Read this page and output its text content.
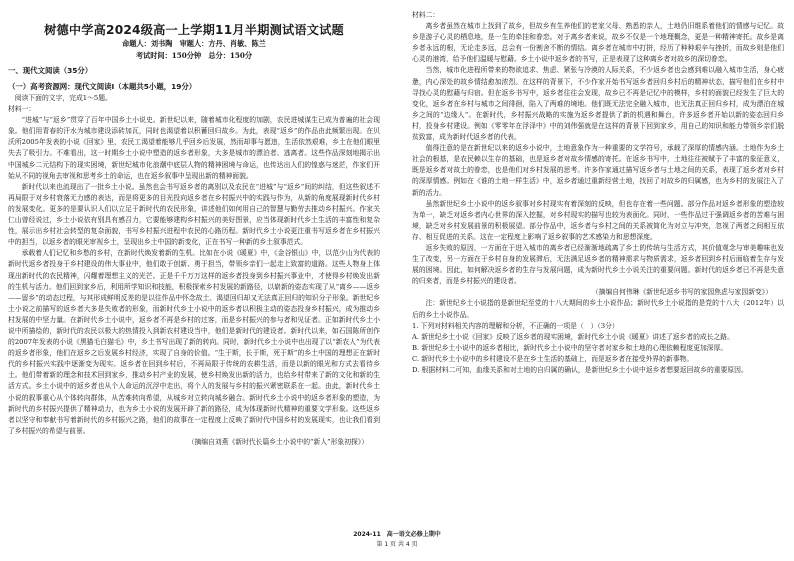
树德中学高2024级高一上学期11月半期测试语文试题
命题人：刘书陶　审题人：方丹、肖敏、陈兰
考试时间：150分钟　总分：150分
一、现代文阅读（35分）
（一）高考资源网：现代文阅读Ⅰ（本题共5小题，19分）

阅读下面的文字，完成1～5题。

材料一：

“进城”与“返乡”贯穿了百年中国乡土小说史。新世纪以来，随着城市化程度的加剧，农民进城谋生已成为普遍的社会现象。他们用青春的汗水为城市建设添砖加瓦，同时也渴望着以积蓄回归故乡。为此，表现“返乡”的作品由此频繁出现。在贝沃所2005年发表的小说《回家》里，农民工渴望着能够几乎回乡后发展，然而却事与愿违，生活依然艰难，乡土在他们眼里失去了吸引力。不难看出，这一时期乡土小说中塑造的返乡者形象，大多是城市的漂泊者、逃离者。这些作品深刻地揭示出中国城乡二元结构下的现实困境，新世纪城市化浪潮中底层人物的精神困境与命运，也传达出人们的惶惑与迷茫，作家们开始从不同的视角去审视和思考乡土的命运，也在返乡叙事中呈现出新的精神面貌。

新时代以来也流现出了一批乡土小说。虽然也会书写返乡者的离别以及农民在“进城”与“返乡”间的纠结，但这些叙述不再局限于对乡村衰落无力感的表达，而是将更多的目光投向返乡者在乡村振兴中的实践与作为，从新的角度展现新时代乡村的发展变化。更多的是要认识人们以立足于新时代的农民形象，讲述他们如何用自己的智慧与勤劳去推动乡村振兴。作家关仁山曾经说过，乡土小说依有别具有感召力，它要能够建构乡村振兴的美好图景，应当体现新时代乡土生活的丰富性和复杂性，展示出乡村社会转型的复杂面貌，书写乡村振兴进程中农民的心路历程。新时代乡土小说更注重书写返乡者在乡村振兴中的担当，以返乡者的眼光审视乡土，呈现出乡土中国的新变化，正在书写一种新的乡土叙事范式。

承载着人们记忆和乡愁的乡村，在新时代焕发着新的生机。比如在小说《暖夏》中，《金谷银山》中，以范少山为代表的新时代返乡者投身于乡村建设的伟大事业中，他们敢于创新、勇于担当，带领乡亲们一起走上致富的道路。这些人物身上体现出新时代的农民精神，闪耀着理想主义的光芒。正是千千万万这样的返乡者投身到乡村振兴事业中，才使得乡村焕发出新的生机与活力。他们回到家乡后，利用所学知识和技能，积极探索乡村发展的新路径，以崭新的姿态实现了从“离乡——返乡——留乡”的动态过程，与其形成鲜明反差的是以往作品中怀念故土、渴望回归却又无法真正回归的知识分子形象。新世纪乡土小说之前描写的返乡者大多是失败者的形象，而新时代乡土小说中的返乡者以积极主动的姿态投身乡村振兴，成为推动乡村发展的中坚力量。在新时代乡土小说中，返乡者不再是乡村的过客，而是乡村振兴的参与者和见证者。正如新时代乡土小说中所描绘的，新时代的农民以极大的热情投入到新农村建设当中，他们是新时代的建设者。新时代以来，如石国陈所创作的2007年发表的小说《黑猫毛白猫毛》中，乡土书写出现了新的转向。同时，新时代乡土小说中也出现了以“新农人”为代表的返乡者形象，他们在返乡之后发展乡村经济，实现了自身的价值。“生于斯，长于斯，死于斯”的乡土中国的理想正在新时代的乡村振兴实践中逐渐变为现实。返乡者在回到乡村后，不再局限于传统的农耕生活，而是以新的眼光和方式去看待乡土。他们带着新的理念和技术回到家乡，推动乡村产业的发展，使乡村焕发出新的活力，也给乡村带来了新的文化和新的生活方式。乡土小说中的返乡者也从个人命运的沉浮中走出，将个人的发展与乡村的振兴紧密联系在一起。由此，新时代乡土小说的叙事重心从个体转向群体，从苦难转向希望，从城乡对立转向城乡融合。新时代乡土小说中的返乡者形象的塑造，为新时代的乡村振兴提供了精神动力，也为乡土小说的发展开辟了新的路径，成为体现新时代精神的重要文学形象。这些返乡者以坚守和奉献书写着新时代的乡村振兴之路，他们的故事在一定程度上反映了新时代中国乡村的发展现实，也让我们看到了乡村振兴的希望与前景。

（摘编自刘燕《新时代长篇乡土小说中的“新人”形象初探》）

材料二：

离乡者虽然在城市上找到了故乡，但故乡有生养他们的老家父母、熟悉的亲人，土地仍旧维系着他们的情感与记忆。故乡是游子心灵的栖息地，是一生的牵挂和眷恋。对于离乡者来说，故乡不仅是一个地理概念，更是一种精神寄托。故乡是离乡者永远的根，无论走多远，总会有一份割舍不断的情结。离乡者在城市中打拼，经历了种种艰辛与挫折，而故乡则是他们心灵的港湾，给予他们温暖与慰藉。乡土小说中返乡者的书写，正是表现了这种离乡者对故乡的深切眷恋。

当然，城市化进程所带来的物欲追求、焦虑、紧张与冷漠的人际关系，不少返乡者也会感到难以融入城市生活，身心疲惫，内心深处的故乡情结愈加浓烈。在这样的背景下，不少作家开始书写返乡者回归乡村后的精神状态，描写他们在乡村中寻找心灵的慰藉与归宿。但在返乡书写中，返乡者往往会发现，故乡已不再是记忆中的模样，乡村的面貌已经发生了巨大的变化，返乡者在乡村与城市之间徘徊，陷入了两难的境地。他们既无法完全融入城市，也无法真正回归乡村，成为漂泊在城乡之间的“边缘人”。在新时代，乡村振兴战略的实施为返乡者提供了新的机遇和舞台，许多返乡者开始以新的姿态回归乡村，投身乡村建设。例如《零零年在浮泽中》中的刘伟强就是在这样的背景下回到家乡，用自己的知识和能力带领乡亲们脱贫致富，成为新时代返乡者的代表。

值得注意的是在新世纪以来的返乡小说中，土地意象作为一种重要的文学符号，承载了深厚的情感内涵。土地作为乡土社会的根基，是农民赖以生存的基础，也是返乡者对故乡情感的寄托。在返乡书写中，土地往往被赋予了丰富的象征意义，既是返乡者对故土的眷恋，也是他们对乡村发展的思考。许多作家通过描写返乡者与土地之间的关系，表现了返乡者对乡村的深厚情感。例如在《谁的土地一样生活》中，返乡者通过重新经营土地，找回了对故乡的归属感，也为乡村的发展注入了新的活力。

虽然新世纪乡土小说中的返乡叙事对乡村现实有着深刻的反映，但也存在着一些问题。部分作品对返乡者形象的塑造较为单一，缺乏对返乡者内心世界的深入挖掘，对乡村现实的描写也较为表面化。同时，一些作品过于强调返乡者的苦难与困境，缺乏对乡村发展前景的积极展望。部分作品中，返乡者与乡村之间的关系被简化为对立与冲突，忽视了两者之间相互依存、相互促进的关系。这在一定程度上影响了返乡叙事的艺术感染力和思想深度。

返乡失败的原因，一方面在于进入城市的离乡者已经渐渐地疏离了乡土的传统与生活方式，其价值观念与审美趣味也发生了改变，另一方面在于乡村自身的发展滞后，无法满足返乡者的精神需求与物质需求，返乡者回到乡村后面临着生存与发展的困境。因此，如何解决返乡者的生存与发展问题，成为新时代乡土小说关注的重要问题。新时代的返乡者已不再是失意的归来者，而是乡村振兴的建设者。

（摘编自何伟琳《新世纪返乡书写的家园焦虑与家园新变》）

注：新世纪乡土小说指的是新世纪至党的十八大期间的乡土小说作品；新时代乡土小说指的是党的十八大（2012年）以后的乡土小说作品。

1. 下列对材料相关内容的理解和分析，不正确的一项是（　）（3分）

A. 新世纪乡土小说《回家》反映了返乡者的现实困境，新时代乡土小说《暖夏》讲述了返乡者的成长之路。

B. 新世纪乡土小说中的返乡者相比，新时代乡土小说中的坚守者对家乡和土地的心理依赖程度更加深厚。

C. 新时代乡土小说中的乡村建设不是在乡土生活的基础上，而是返乡者在接受外界的新事物。

D. 根据材料二可知，血缘关系和对土地的自归属的确认，是新世纪乡土小说中返乡者想要返回故乡的重要原因。

2024-11　高一语文必修上期中
第 1 页 共 4 页
